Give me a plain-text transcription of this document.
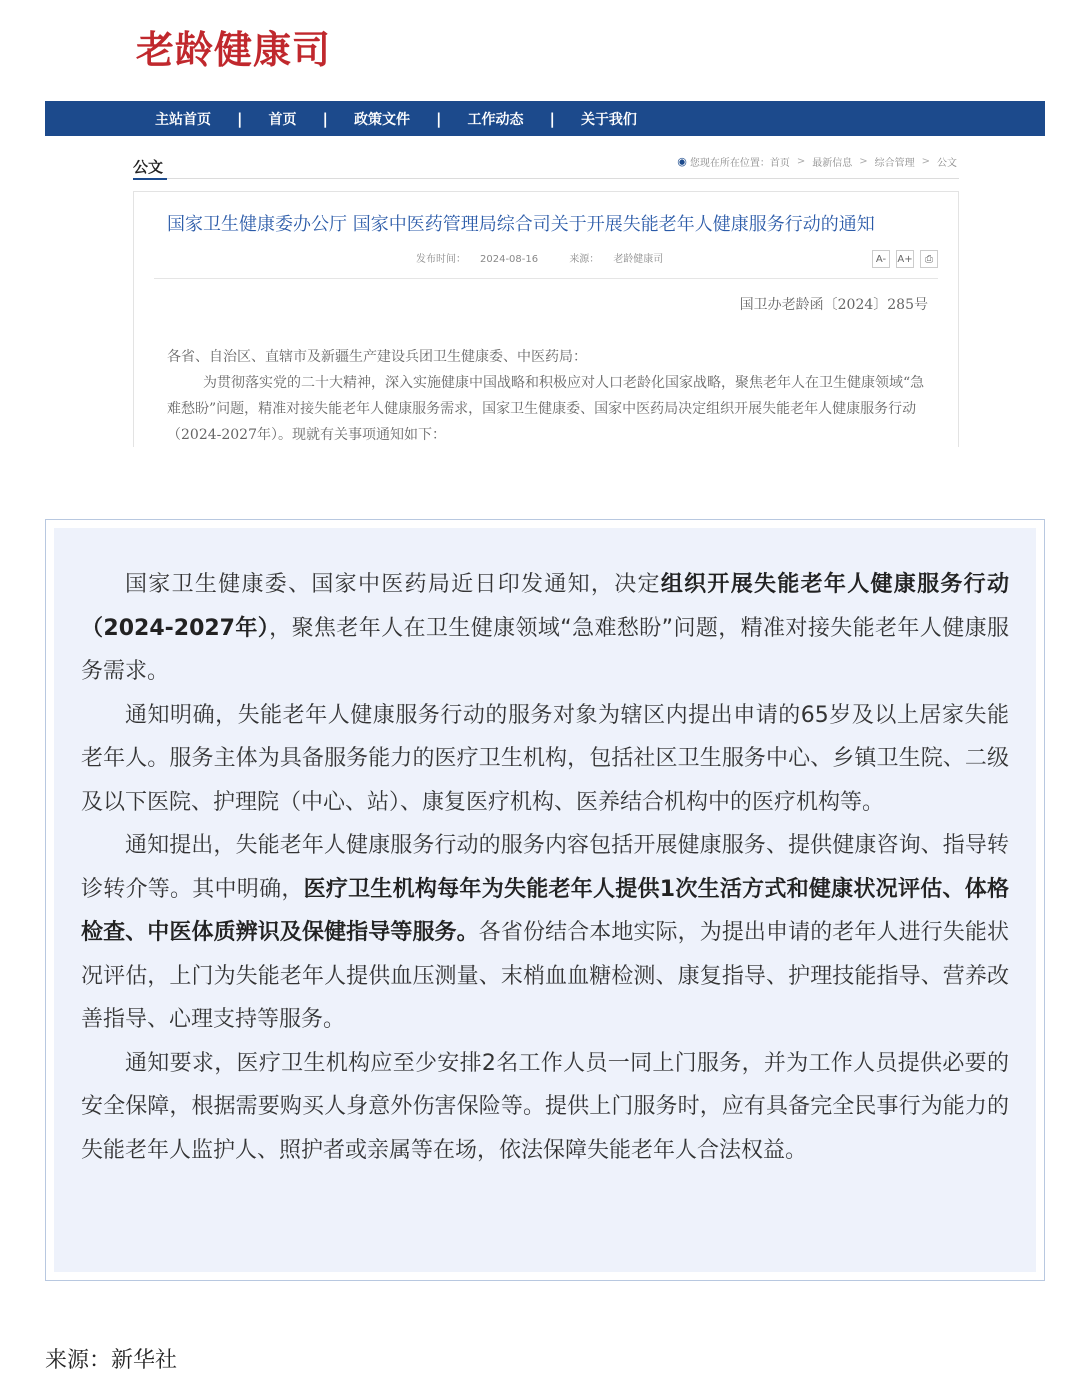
老龄健康司
主站首页	|	首页	|	政策文件	|	工作动态	|	关于我们
公文	◉ 您现在所在位置： 首页 > 最新信息 > 综合管理 > 公文
国家卫生健康委办公厅 国家中医药管理局综合司关于开展失能老年人健康服务行动的通知
发布时间： 2024-08-16	来源： 老龄健康司	A-	A+ ⎙
国卫办老龄函〔2024〕285号

各省、自治区、直辖市及新疆生产建设兵团卫生健康委、中医药局：

为贯彻落实党的二十大精神，深入实施健康中国战略和积极应对人口老龄化国家战略，聚焦老年人在卫生健康领域“急难愁盼”问题，精准对接失能老年人健康服务需求，国家卫生健康委、国家中医药局决定组织开展失能老年人健康服务行动（2024-2027年）。现就有关事项通知如下：

国家卫生健康委、国家中医药局近日印发通知，决定组织开展失能老年人健康服务行动（2024-2027年），聚焦老年人在卫生健康领域“急难愁盼”问题，精准对接失能老年人健康服务需求。

通知明确，失能老年人健康服务行动的服务对象为辖区内提出申请的65岁及以上居家失能老年人。服务主体为具备服务能力的医疗卫生机构，包括社区卫生服务中心、乡镇卫生院、二级及以下医院、护理院（中心、站）、康复医疗机构、医养结合机构中的医疗机构等。

通知提出，失能老年人健康服务行动的服务内容包括开展健康服务、提供健康咨询、指导转诊转介等。其中明确，医疗卫生机构每年为失能老年人提供1次生活方式和健康状况评估、体格检查、中医体质辨识及保健指导等服务。各省份结合本地实际，为提出申请的老年人进行失能状况评估，上门为失能老年人提供血压测量、末梢血血糖检测、康复指导、护理技能指导、营养改善指导、心理支持等服务。

通知要求，医疗卫生机构应至少安排2名工作人员一同上门服务，并为工作人员提供必要的安全保障，根据需要购买人身意外伤害保险等。提供上门服务时，应有具备完全民事行为能力的失能老年人监护人、照护者或亲属等在场，依法保障失能老年人合法权益。

来源：新华社
